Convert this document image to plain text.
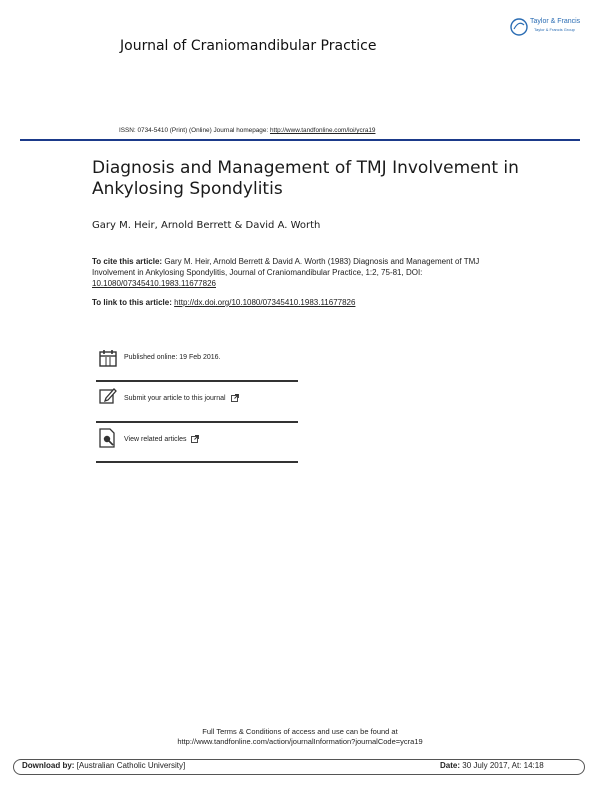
Journal of Craniomandibular Practice
Taylor & Francis
Taylor & Francis Group
ISSN: 0734-5410 (Print) (Online) Journal homepage: http://www.tandfonline.com/loi/ycra19
Diagnosis and Management of TMJ Involvement in Ankylosing Spondylitis
Gary M. Heir, Arnold Berrett & David A. Worth
To cite this article: Gary M. Heir, Arnold Berrett & David A. Worth (1983) Diagnosis and Management of TMJ Involvement in Ankylosing Spondylitis, Journal of Craniomandibular Practice, 1:2, 75-81, DOI: 10.1080/07345410.1983.11677826
To link to this article: http://dx.doi.org/10.1080/07345410.1983.11677826
Published online: 19 Feb 2016.
Submit your article to this journal
View related articles
Full Terms & Conditions of access and use can be found at
http://www.tandfonline.com/action/journalInformation?journalCode=ycra19
Download by: [Australian Catholic University]	Date: 30 July 2017, At: 14:18
